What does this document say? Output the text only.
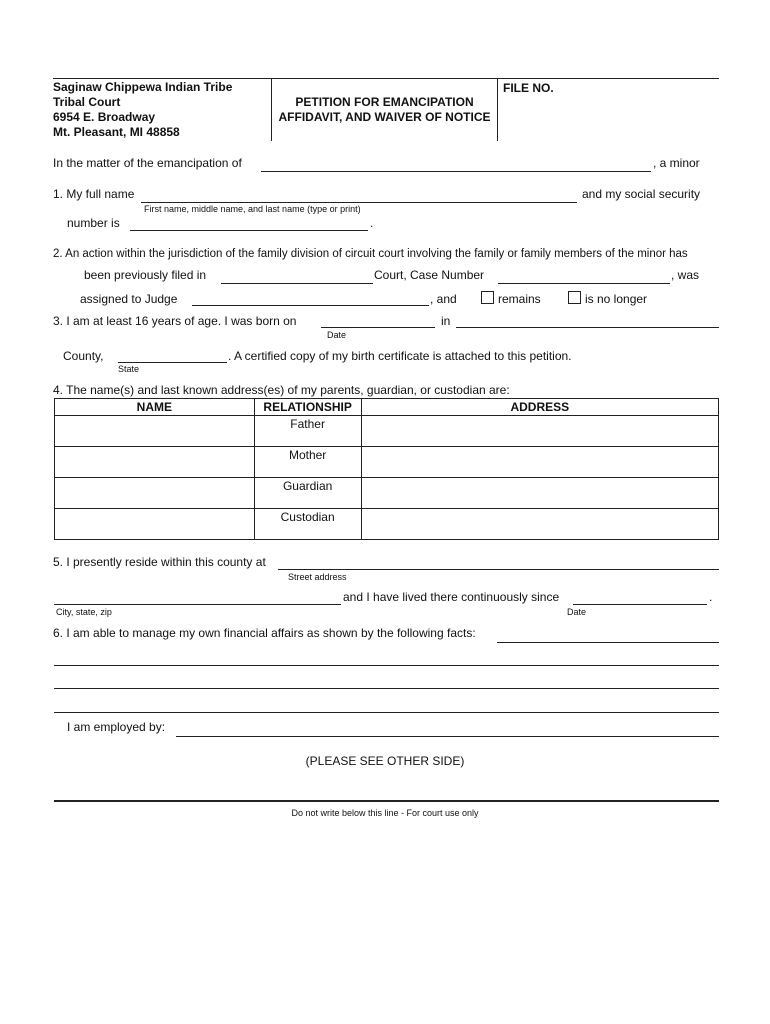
Saginaw Chippewa Indian Tribe
Tribal Court
6954 E. Broadway
Mt. Pleasant, MI 48858
PETITION FOR EMANCIPATION
AFFIDAVIT, AND WAIVER OF NOTICE
FILE NO.
In the matter of the emancipation of	, a minor
1. My full name	and my social security
First name, middle name, and last name (type or print)
number is	.
2. An action within the jurisdiction of the family division of circuit court involving the family or family members of the minor has
been previously filed in	Court, Case Number	, was
assigned to Judge	, and	remains	is no longer
3. I am at least 16 years of age. I was born on	in
Date
County,	. A certified copy of my birth certificate is attached to this petition.
State
4. The name(s) and last known address(es) of my parents, guardian, or custodian are:
NAME	RELATIONSHIP	ADDRESS

	Father	

	Mother	

	Guardian	

	Custodian	

5. I presently reside within this county at
Street address
and I have lived there continuously since	.
City, state, zip	Date
6. I am able to manage my own financial affairs as shown by the following facts:
I am employed by:
(PLEASE SEE OTHER SIDE)
Do not write below this line - For court use only
